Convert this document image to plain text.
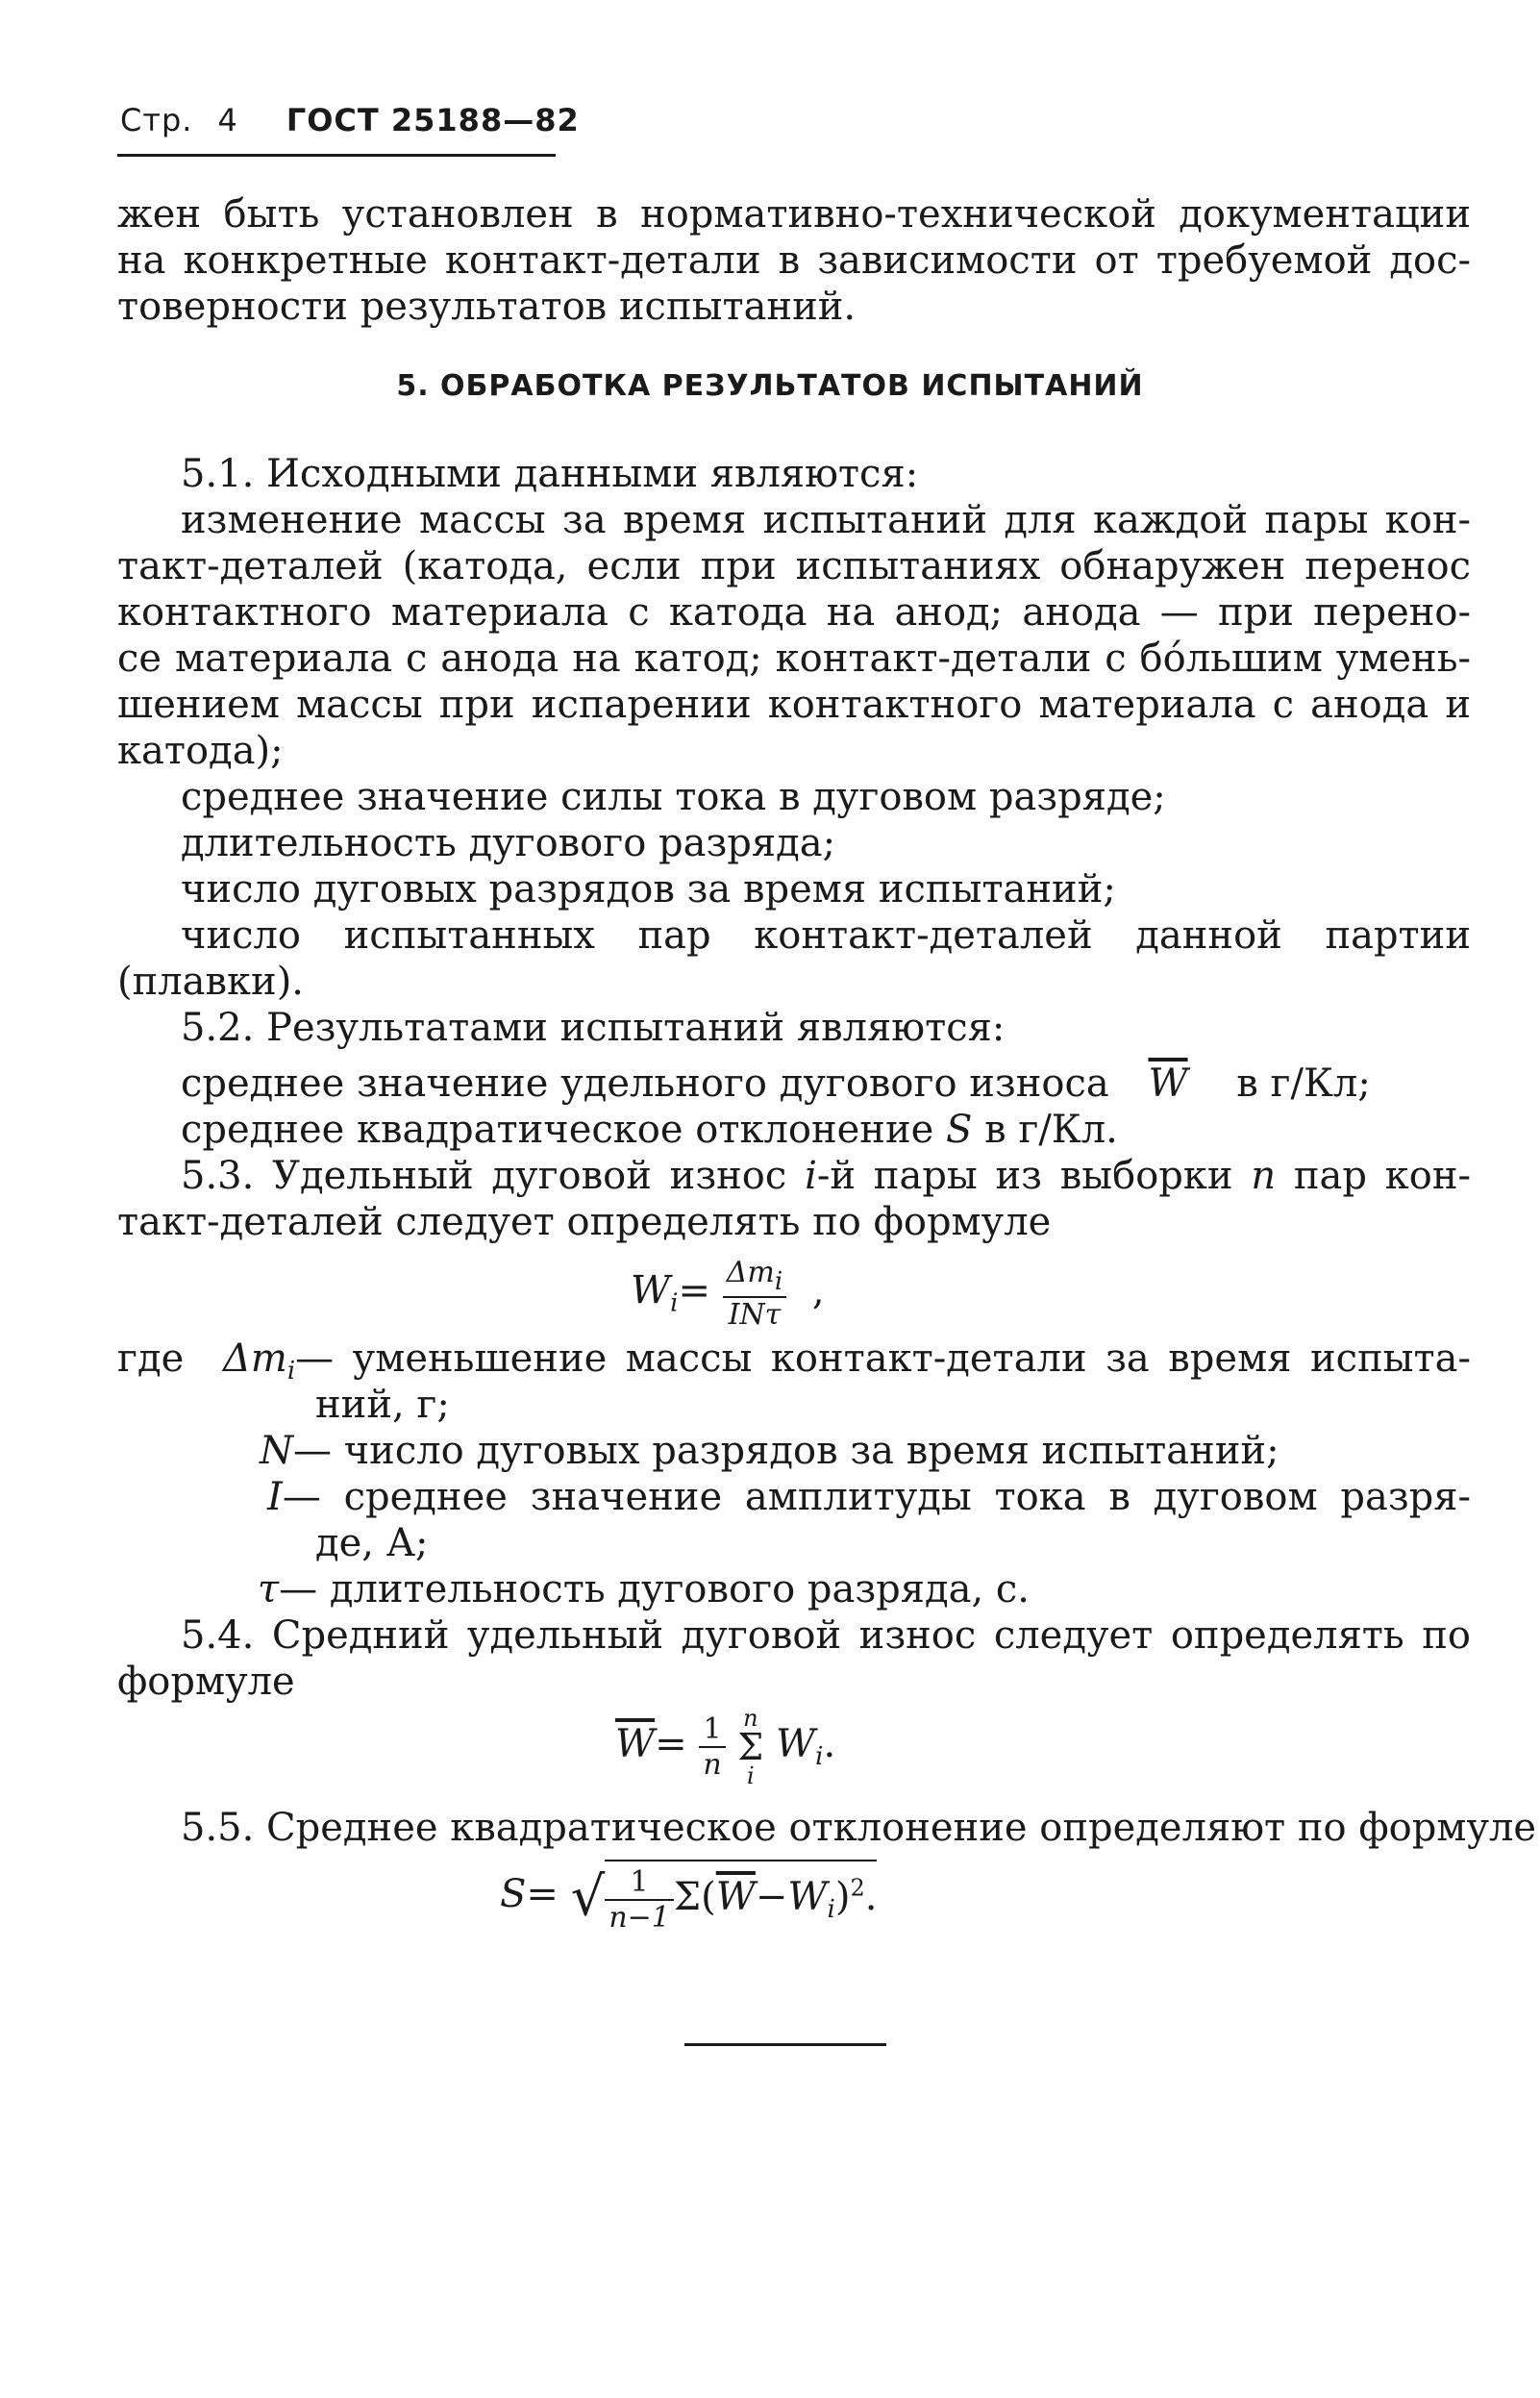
Стр. 4 ГОСТ 25188—82
жен быть установлен в нормативно-технической документации
на конкретные контакт-детали в зависимости от требуемой дос-
товерности результатов испытаний.
5. ОБРАБОТКА РЕЗУЛЬТАТОВ ИСПЫТАНИЙ
5.1. Исходными данными являются:
изменение массы за время испытаний для каждой пары кон-
такт-деталей (катода, если при испытаниях обнаружен перенос
контактного материала с катода на анод; анода — при перено-
се материала с анода на катод; контакт-детали с бо́льшим умень-
шением массы при испарении контактного материала с анода и
катода);
среднее значение силы тока в дуговом разряде;
длительность дугового разряда;
число дуговых разрядов за время испытаний;
число испытанных пар контакт-деталей данной партии
(плавки).
5.2. Результатами испытаний являются:
среднее значение удельного дугового износа $\overline{W}$ в г/Кл;
среднее квадратическое отклонение S в г/Кл.
5.3. Удельный дуговой износ i-й пары из выборки n пар кон-
такт-деталей следует определять по формуле
$W_i= \frac{\text{Δmi}}{\text{INτ}}$ ,
где $\Delta m_i—$ уменьшение массы контакт-детали за время испыта-
ний, г;
N— число дуговых разрядов за время испытаний;
I— среднее значение амплитуды тока в дуговом разря-
де, А;
τ— длительность дугового разряда, с.
5.4. Средний удельный дуговой износ следует определять по
формуле
$\overline{W}= \frac{1}{n}$
n
Σ
i
$W_i$.
5.5. Среднее квадратическое отклонение определяют по формуле
S= √ $\frac{1}{n-1} \Sigma(\overline{W}-W_i)^2$.
